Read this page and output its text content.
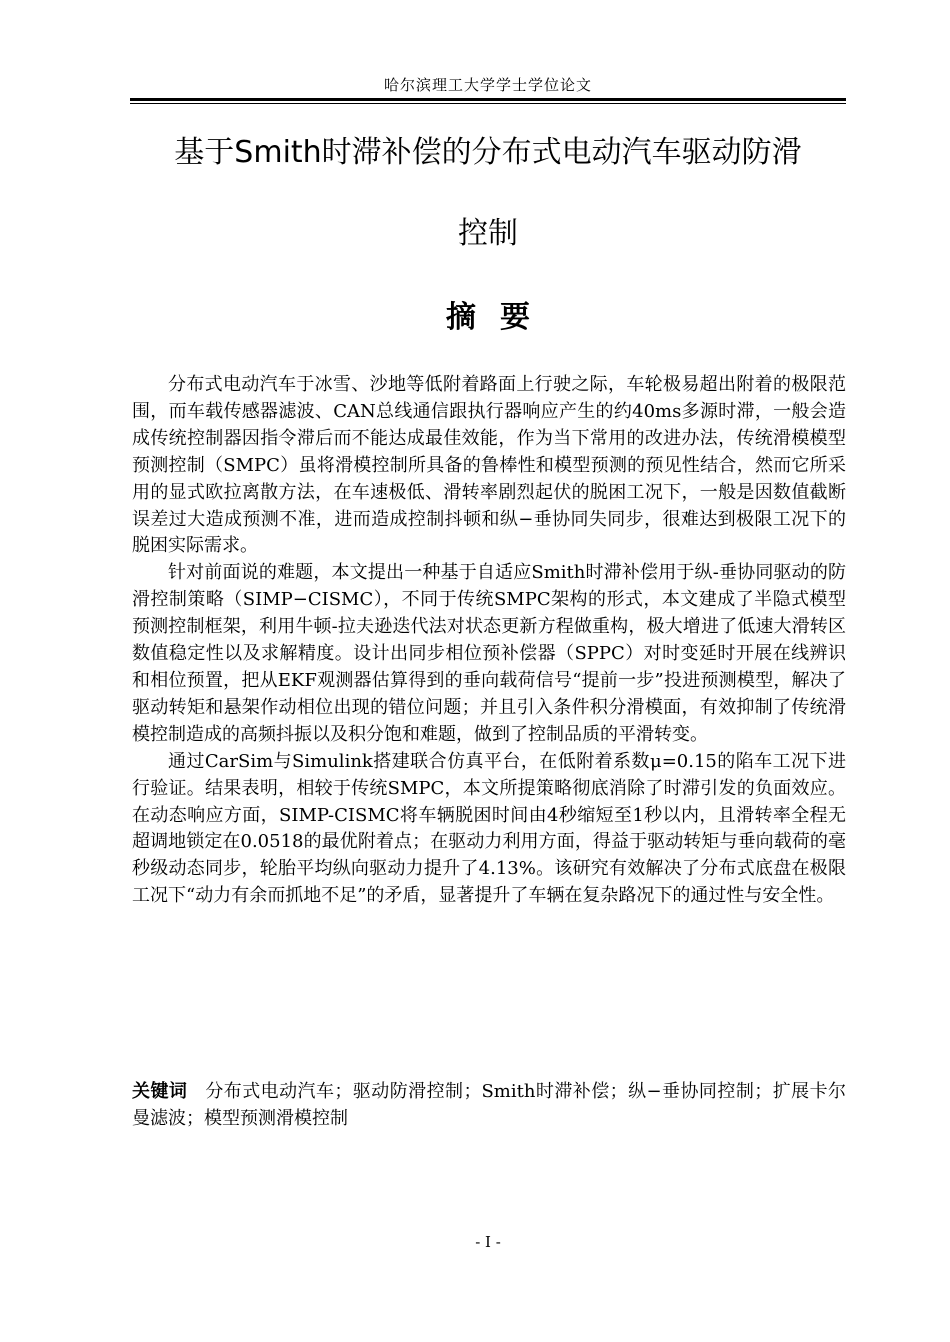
哈尔滨理工大学学士学位论文
基于Smith时滞补偿的分布式电动汽车驱动防滑
控制
摘要

分布式电动汽车于冰雪、沙地等低附着路面上行驶之际，车轮极易超出附着的极限范围，而车载传感器滤波、CAN总线通信跟执行器响应产生的约40ms多源时滞，一般会造成传统控制器因指令滞后而不能达成最佳效能，作为当下常用的改进办法，传统滑模模型预测控制（SMPC）虽将滑模控制所具备的鲁棒性和模型预测的预见性结合，然而它所采用的显式欧拉离散方法，在车速极低、滑转率剧烈起伏的脱困工况下，一般是因数值截断误差过大造成预测不准，进而造成控制抖顿和纵−垂协同失同步，很难达到极限工况下的脱困实际需求。

针对前面说的难题，本文提出一种基于自适应Smith时滞补偿用于纵-垂协同驱动的防滑控制策略（SIMP−CISMC），不同于传统SMPC架构的形式，本文建成了半隐式模型预测控制框架，利用牛顿-拉夫逊迭代法对状态更新方程做重构，极大增进了低速大滑转区数值稳定性以及求解精度。设计出同步相位预补偿器（SPPC）对时变延时开展在线辨识和相位预置，把从EKF观测器估算得到的垂向载荷信号“提前一步”投进预测模型，解决了驱动转矩和悬架作动相位出现的错位问题；并且引入条件积分滑模面，有效抑制了传统滑模控制造成的高频抖振以及积分饱和难题，做到了控制品质的平滑转变。

通过CarSim与Simulink搭建联合仿真平台，在低附着系数μ=0.15的陷车工况下进行验证。结果表明，相较于传统SMPC，本文所提策略彻底消除了时滞引发的负面效应。在动态响应方面，SIMP-CISMC将车辆脱困时间由4秒缩短至1秒以内，且滑转率全程无超调地锁定在0.0518的最优附着点；在驱动力利用方面，得益于驱动转矩与垂向载荷的毫秒级动态同步，轮胎平均纵向驱动力提升了4.13%。该研究有效解决了分布式底盘在极限工况下“动力有余而抓地不足”的矛盾，显著提升了车辆在复杂路况下的通过性与安全性。

关键词 分布式电动汽车；驱动防滑控制；Smith时滞补偿；纵−垂协同控制；扩展卡尔曼滤波；模型预测滑模控制
- I -
